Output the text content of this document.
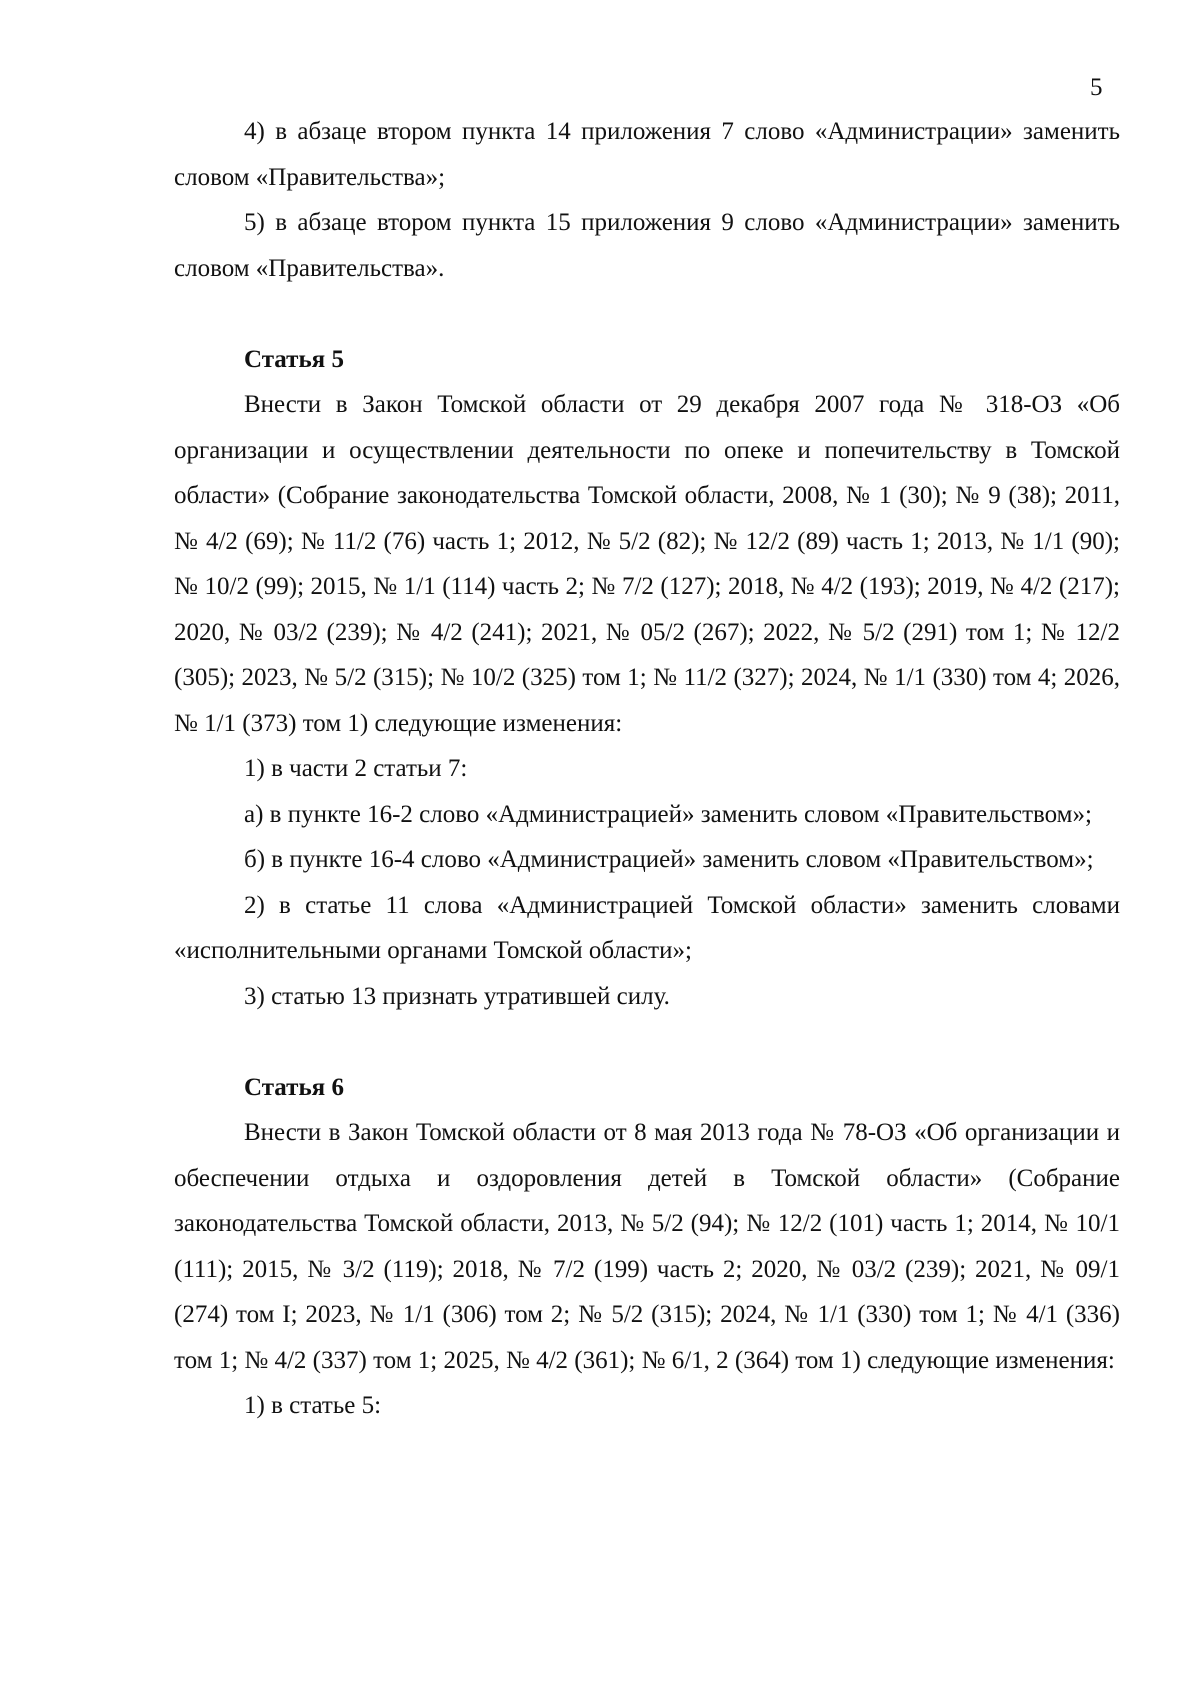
5

4) в абзаце втором пункта 14 приложения 7 слово «Администрации» заменить словом «Правительства»;

5) в абзаце втором пункта 15 приложения 9 слово «Администрации» заменить словом «Правительства».

Статья 5

Внести в Закон Томской области от 29 декабря 2007 года № 318-ОЗ «Об организации и осуществлении деятельности по опеке и попечительству в Томской области» (Собрание законодательства Томской области, 2008, № 1 (30); № 9 (38); 2011, № 4/2 (69); № 11/2 (76) часть 1; 2012, № 5/2 (82); № 12/2 (89) часть 1; 2013, № 1/1 (90); № 10/2 (99); 2015, № 1/1 (114) часть 2; № 7/2 (127); 2018, № 4/2 (193); 2019, № 4/2 (217); 2020, № 03/2 (239); № 4/2 (241); 2021, № 05/2 (267); 2022, № 5/2 (291) том 1; № 12/2 (305); 2023, № 5/2 (315); № 10/2 (325) том 1; № 11/2 (327); 2024, № 1/1 (330) том 4; 2026, № 1/1 (373) том 1) следующие изменения:

1) в части 2 статьи 7:

а) в пункте 16-2 слово «Администрацией» заменить словом «Правительством»;

б) в пункте 16-4 слово «Администрацией» заменить словом «Правительством»;

2) в статье 11 слова «Администрацией Томской области» заменить словами «исполнительными органами Томской области»;

3) статью 13 признать утратившей силу.

Статья 6

Внести в Закон Томской области от 8 мая 2013 года № 78-ОЗ «Об организации и обеспечении отдыха и оздоровления детей в Томской области» (Собрание законодательства Томской области, 2013, № 5/2 (94); № 12/2 (101) часть 1; 2014, № 10/1 (111); 2015, № 3/2 (119); 2018, № 7/2 (199) часть 2; 2020, № 03/2 (239); 2021, № 09/1 (274) том I; 2023, № 1/1 (306) том 2; № 5/2 (315); 2024, № 1/1 (330) том 1; № 4/1 (336) том 1; № 4/2 (337) том 1; 2025, № 4/2 (361); № 6/1, 2 (364) том 1) следующие изменения:

1) в статье 5:
